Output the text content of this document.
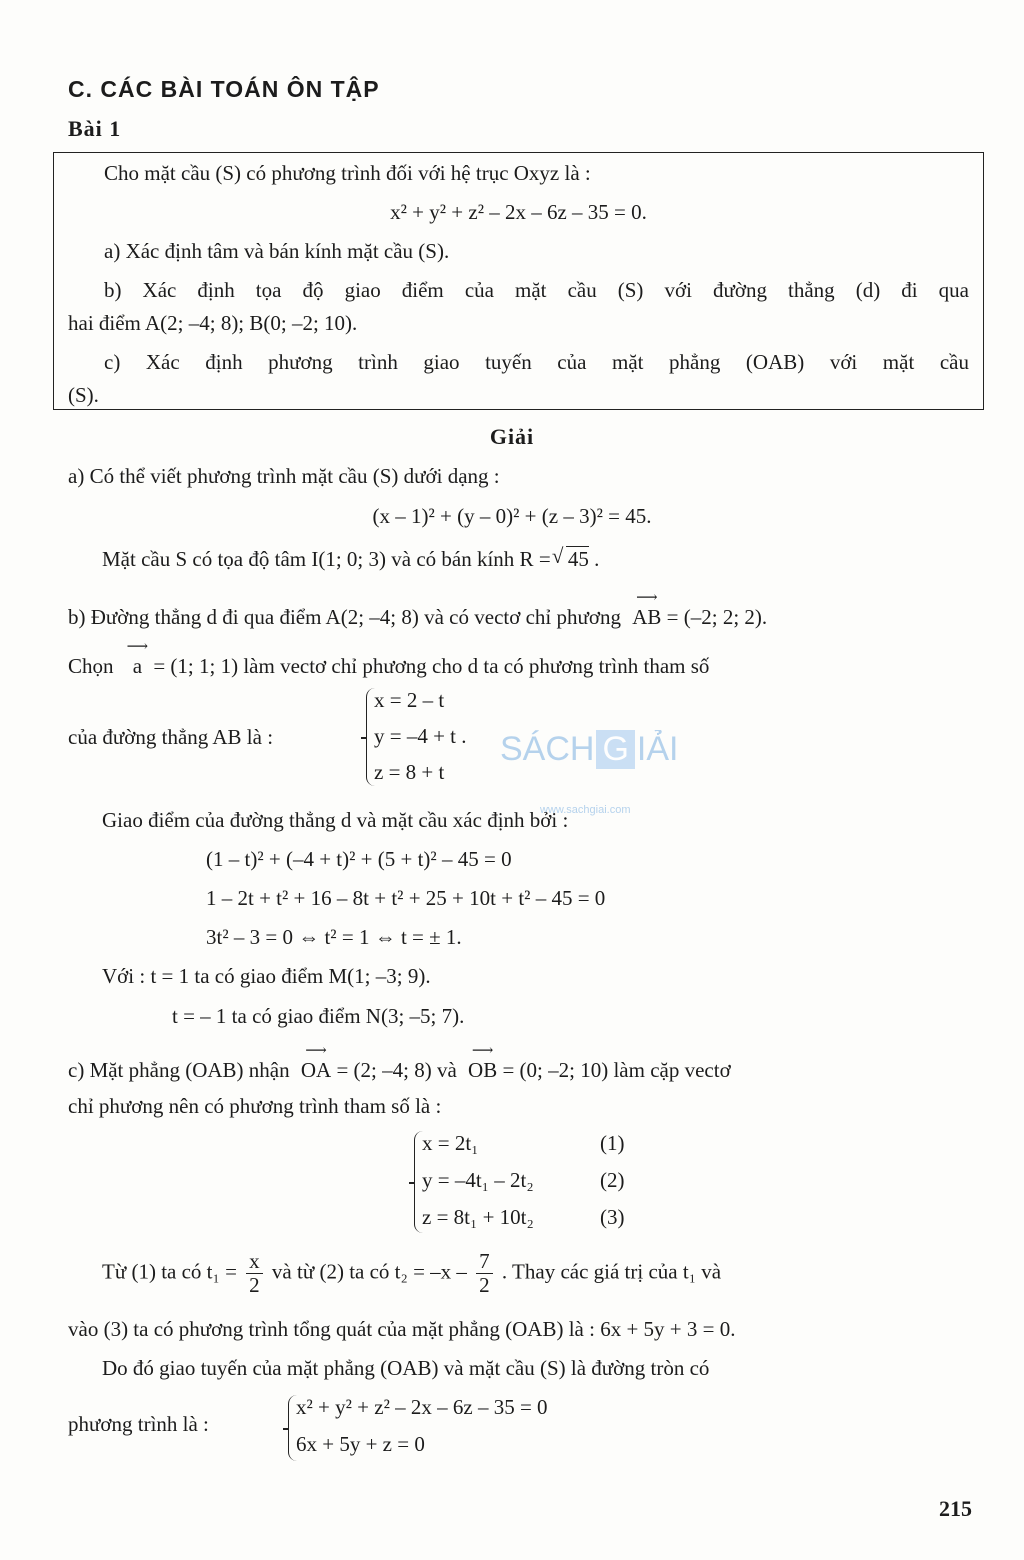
C. CÁC BÀI TOÁN ÔN TẬP
Bài 1
Cho mặt cầu (S) có phương trình đối với hệ trục Oxyz là :
x² + y² + z² – 2x – 6z – 35 = 0.
a) Xác định tâm và bán kính mặt cầu (S).
b) Xác định tọa độ giao điểm của mặt cầu (S) với đường thẳng (d) đi qua
hai điểm A(2; –4; 8); B(0; –2; 10).
c) Xác định phương trình giao tuyến của mặt phẳng (OAB) với mặt cầu
(S).
Giải
a) Có thể viết phương trình mặt cầu (S) dưới dạng :
(x – 1)² + (y – 0)² + (z – 3)² = 45.
Mặt cầu S có tọa độ tâm I(1; 0; 3) và có bán kính R = √ 45 .
b) Đường thẳng d đi qua điểm A(2; –4; 8) và có vectơ chỉ phương ⟶ AB = (–2; 2; 2).
Chọn ⟶ a = (1; 1; 1) làm vectơ chỉ phương cho d ta có phương trình tham số
của đường thẳng AB là :
x = 2 – t
y = –4 + t .
z = 8 + t
SÁCH G IẢI
www.sachgiai.com
Giao điểm của đường thẳng d và mặt cầu xác định bởi :
(1 – t)² + (–4 + t)² + (5 + t)² – 45 = 0
1 – 2t + t² + 16 – 8t + t² + 25 + 10t + t² – 45 = 0
3t² – 3 = 0 ⇔ t² = 1 ⇔ t = ± 1.
Với : t = 1 ta có giao điểm M(1; –3; 9).
t = – 1 ta có giao điểm N(3; –5; 7).
c) Mặt phẳng (OAB) nhận ⟶ OA = (2; –4; 8) và ⟶ OB = (0; –2; 10) làm cặp vectơ
chỉ phương nên có phương trình tham số là :
x = 2t₁
y = –4t₁ – 2t₂
z = 8t₁ + 10t₂
(1)
(2)
(3)
Từ (1) ta có $t_1 = \frac{x}{2}$ và từ (2) ta có $t_2 = -x - \frac{7}{2}$ . Thay các giá trị của t₁ và
vào (3) ta có phương trình tổng quát của mặt phẳng (OAB) là : 6x + 5y + 3 = 0.
Do đó giao tuyến của mặt phẳng (OAB) và mặt cầu (S) là đường tròn có
phương trình là :
x² + y² + z² – 2x – 6z – 35 = 0
6x + 5y + z = 0
215
